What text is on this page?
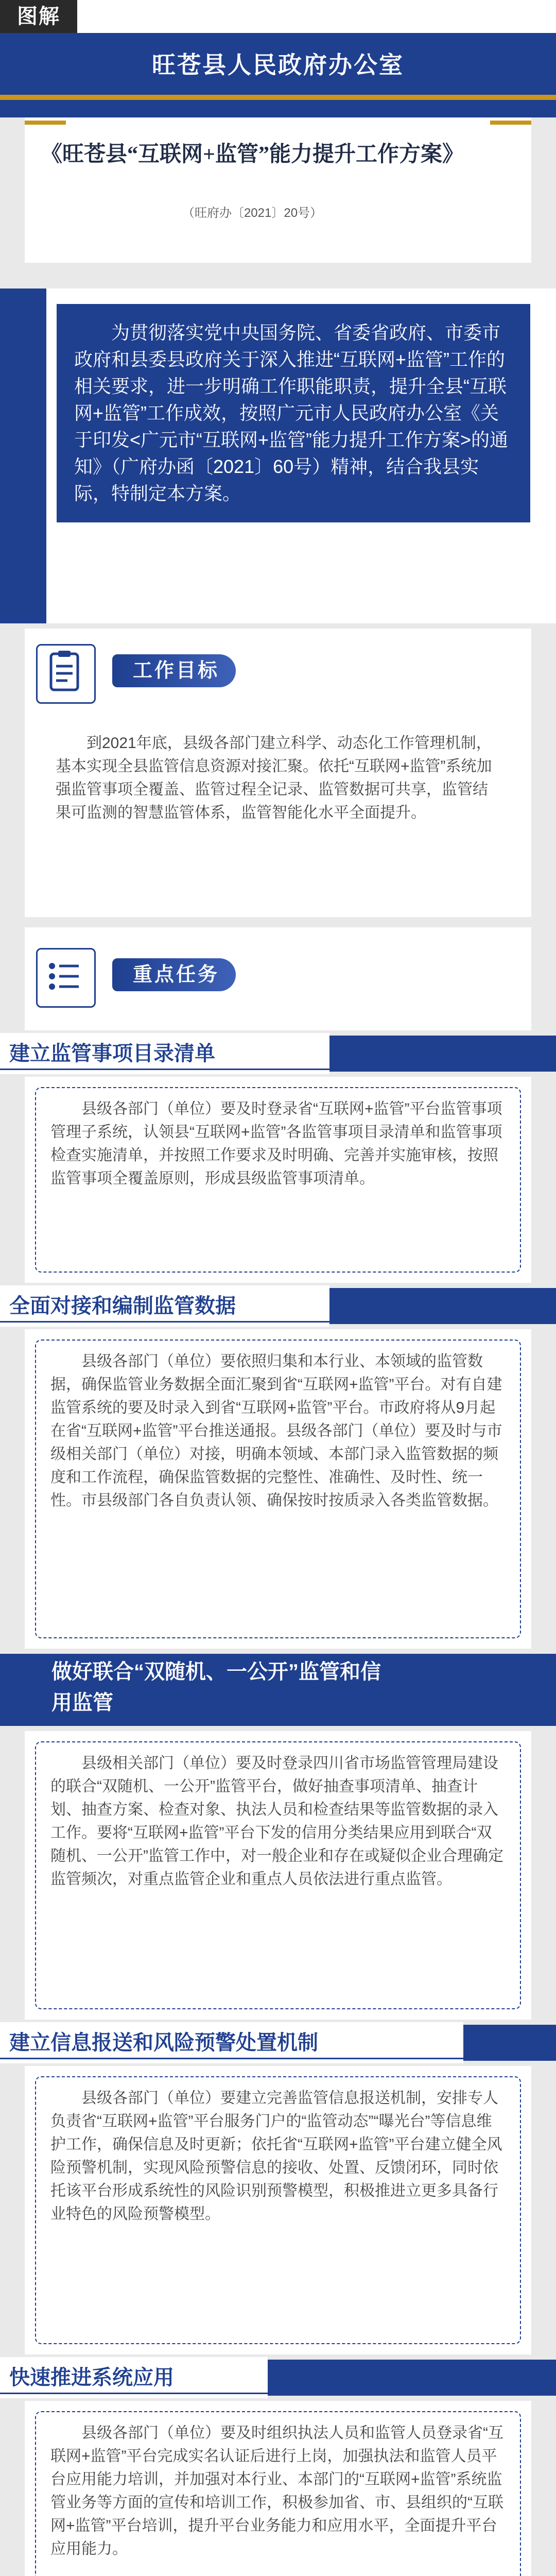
图解
旺苍县人民政府办公室
《旺苍县“互联网+监管”能力提升工作方案》
（旺府办〔2021〕20号）
为贯彻落实党中央国务院、省委省政府、市委市政府和县委县政府关于深入推进“互联网+监管”工作的相关要求，进一步明确工作职能职责，提升全县“互联网+监管”工作成效，按照广元市人民政府办公室《关于印发<广元市“互联网+监管”能力提升工作方案>的通知》（广府办函〔2021〕60号）精神，结合我县实际，特制定本方案。
工作目标
到2021年底，县级各部门建立科学、动态化工作管理机制，基本实现全县监管信息资源对接汇聚。依托“互联网+监管”系统加强监管事项全覆盖、监管过程全记录、监管数据可共享，监管结果可监测的智慧监管体系，监管智能化水平全面提升。
重点任务
建立监管事项目录清单
县级各部门（单位）要及时登录省“互联网+监管”平台监管事项管理子系统，认领县“互联网+监管”各监管事项目录清单和监管事项检查实施清单，并按照工作要求及时明确、完善并实施审核，按照监管事项全覆盖原则，形成县级监管事项清单。
全面对接和编制监管数据
县级各部门（单位）要依照归集和本行业、本领域的监管数据，确保监管业务数据全面汇聚到省“互联网+监管”平台。对有自建监管系统的要及时录入到省“互联网+监管”平台。市政府将从9月起在省“互联网+监管”平台推送通报。县级各部门（单位）要及时与市级相关部门（单位）对接，明确本领域、本部门录入监管数据的频度和工作流程，确保监管数据的完整性、准确性、及时性、统一性。市县级部门各自负责认领、确保按时按质录入各类监管数据。
做好联合“双随机、一公开”监管和信用监管
县级相关部门（单位）要及时登录四川省市场监管管理局建设的联合“双随机、一公开”监管平台，做好抽查事项清单、抽查计划、抽查方案、检查对象、执法人员和检查结果等监管数据的录入工作。要将“互联网+监管”平台下发的信用分类结果应用到联合“双随机、一公开”监管工作中，对一般企业和存在或疑似企业合理确定监管频次，对重点监管企业和重点人员依法进行重点监管。
建立信息报送和风险预警处置机制
县级各部门（单位）要建立完善监管信息报送机制，安排专人负责省“互联网+监管”平台服务门户的“监管动态”“曝光台”等信息维护工作，确保信息及时更新；依托省“互联网+监管”平台建立健全风险预警机制，实现风险预警信息的接收、处置、反馈闭环，同时依托该平台形成系统性的风险识别预警模型，积极推进立更多具备行业特色的风险预警模型。
快速推进系统应用
县级各部门（单位）要及时组织执法人员和监管人员登录省“互联网+监管”平台完成实名认证后进行上岗，加强执法和监管人员平台应用能力培训，并加强对本行业、本部门的“互联网+监管”系统监管业务等方面的宣传和培训工作，积极参加省、市、县组织的“互联网+监管”平台培训，提升平台业务能力和应用水平，全面提升平台应用能力。
